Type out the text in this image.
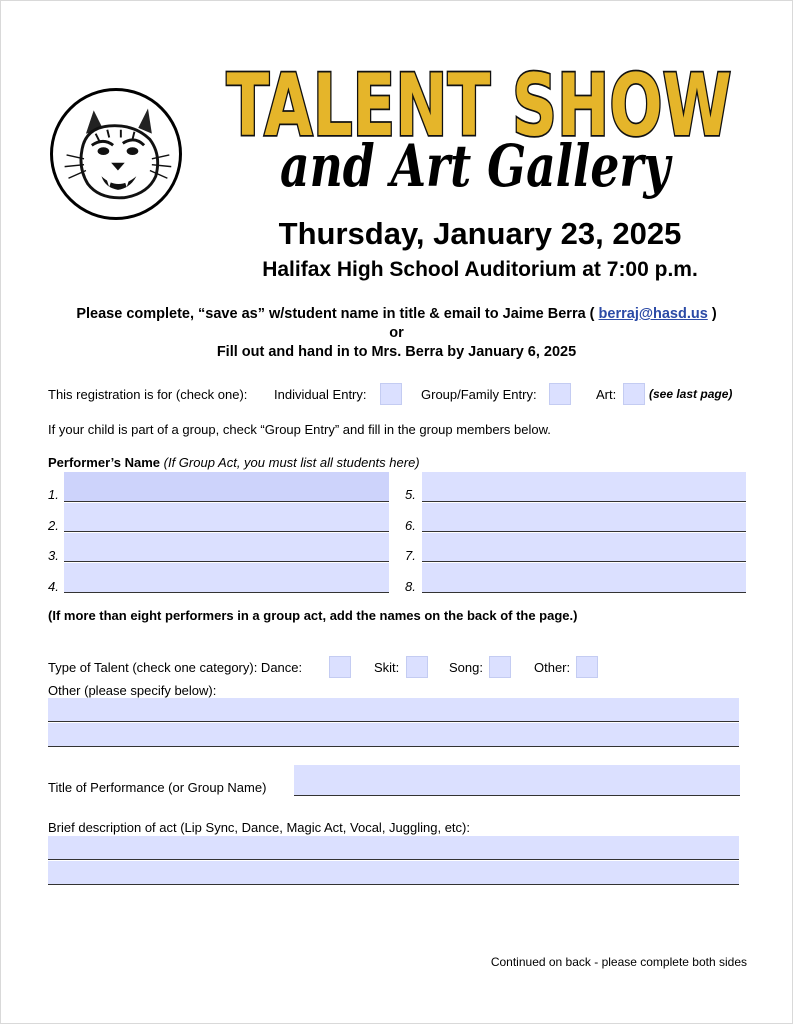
TALENT SHOW
and Art Gallery
Thursday, January 23, 2025
Halifax High School Auditorium at 7:00 p.m.
Please complete, “save as” w/student name in title & email to Jaime Berra ( berraj@hasd.us )
or
Fill out and hand in to Mrs. Berra by January 6, 2025
This registration is for (check one): Individual Entry:	Group/Family Entry:	Art:	(see last page)
If your child is part of a group, check “Group Entry” and fill in the group members below.
Performer’s Name (If Group Act, you must list all students here)
1.
2.
3.
4.
5.
6.
7.
8.
(If more than eight performers in a group act, add the names on the back of the page.)
Type of Talent (check one category): Dance:	Skit:	Song:	Other:
Other (please specify below):
Title of Performance (or Group Name)
Brief description of act (Lip Sync, Dance, Magic Act, Vocal, Juggling, etc):
Continued on back - please complete both sides
